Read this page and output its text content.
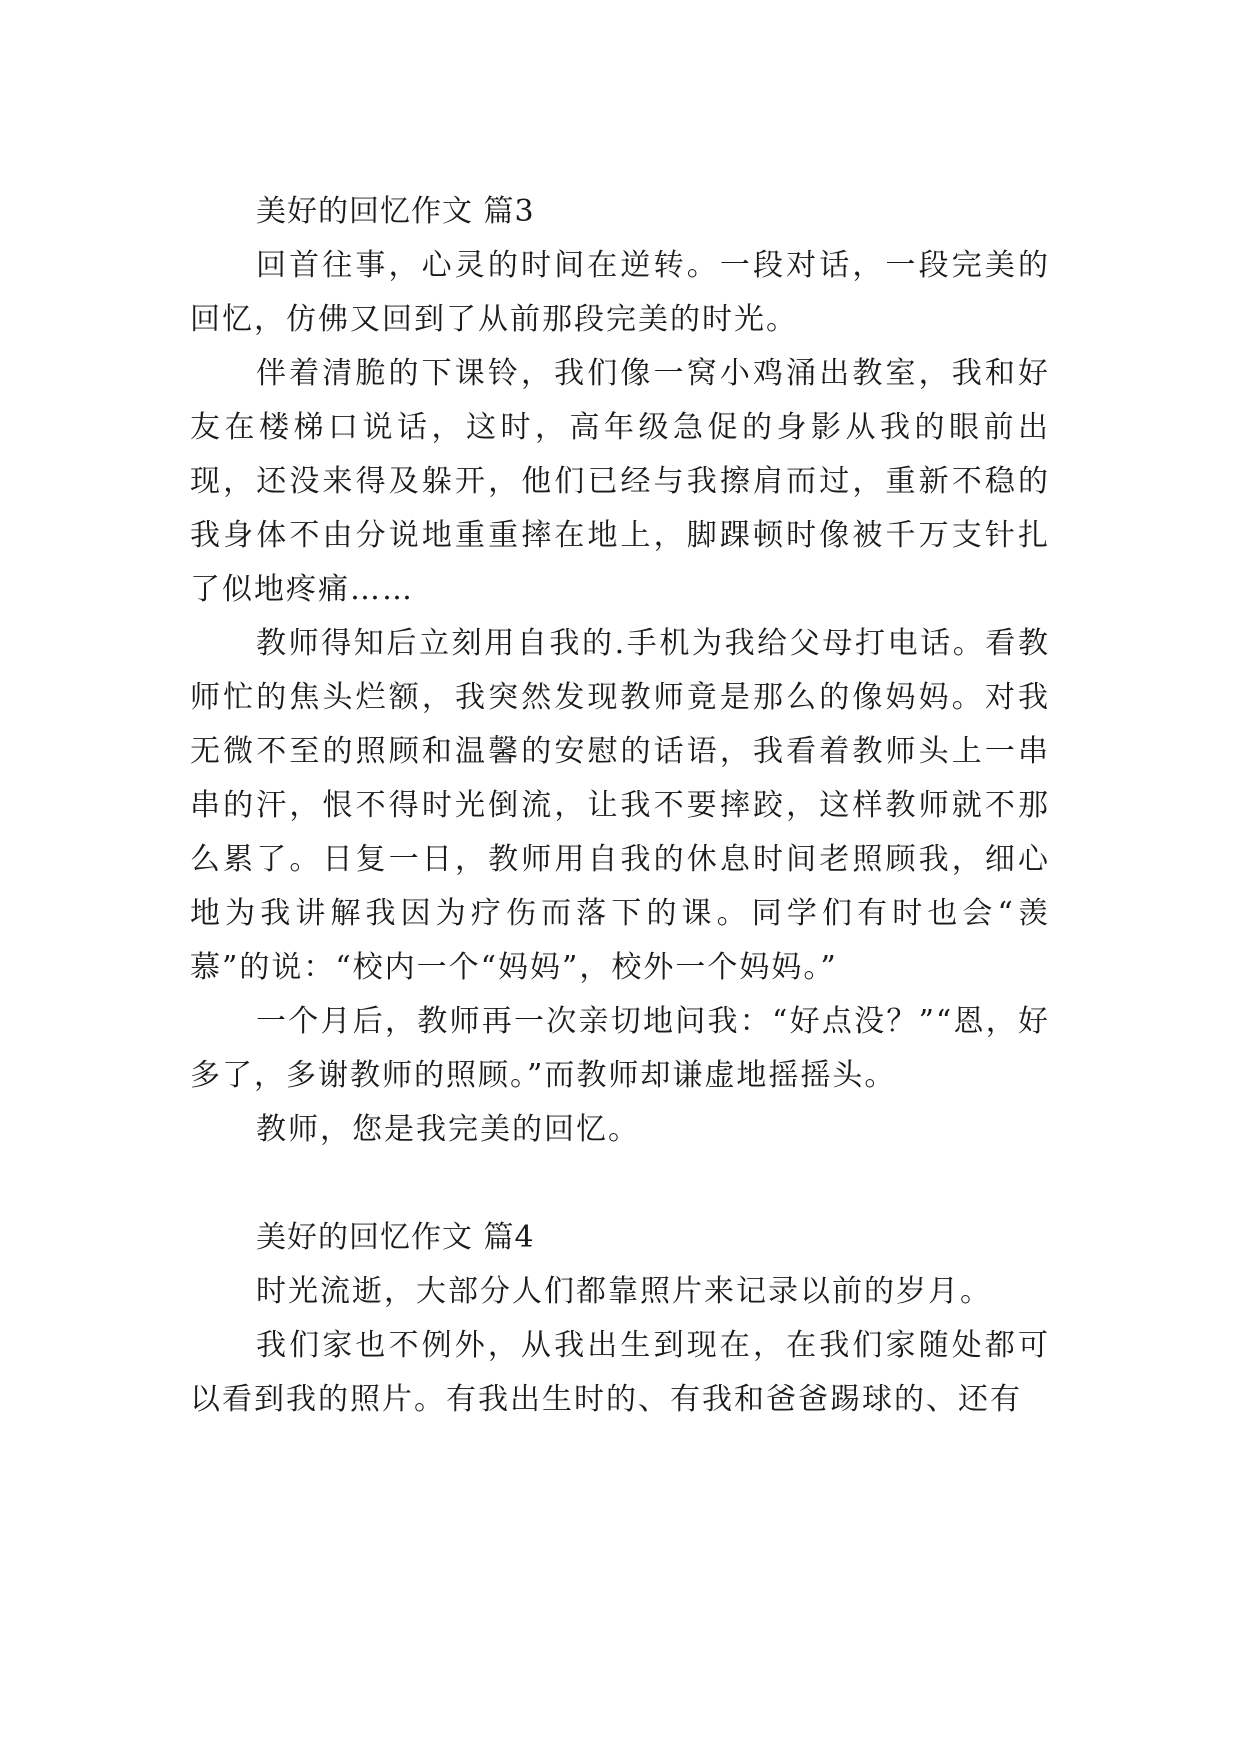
美好的回忆作文 篇3

回首往事，心灵的时间在逆转。一段对话，一段完美的回忆，仿佛又回到了从前那段完美的时光。

伴着清脆的下课铃，我们像一窝小鸡涌出教室，我和好友在楼梯口说话，这时，高年级急促的身影从我的眼前出现，还没来得及躲开，他们已经与我擦肩而过，重新不稳的我身体不由分说地重重摔在地上，脚踝顿时像被千万支针扎了似地疼痛……

教师得知后立刻用自我的.手机为我给父母打电话。看教师忙的焦头烂额，我突然发现教师竟是那么的像妈妈。对我无微不至的照顾和温馨的安慰的话语，我看着教师头上一串串的汗，恨不得时光倒流，让我不要摔跤，这样教师就不那么累了。日复一日，教师用自我的休息时间老照顾我，细心地为我讲解我因为疗伤而落下的课。同学们有时也会“羡慕”的说：“校内一个“妈妈”，校外一个妈妈。”

一个月后，教师再一次亲切地问我：“好点没？”“恩，好多了，多谢教师的照顾。”而教师却谦虚地摇摇头。

教师，您是我完美的回忆。

美好的回忆作文 篇4

时光流逝，大部分人们都靠照片来记录以前的岁月。

我们家也不例外，从我出生到现在，在我们家随处都可以看到我的照片。有我出生时的、有我和爸爸踢球的、还有
